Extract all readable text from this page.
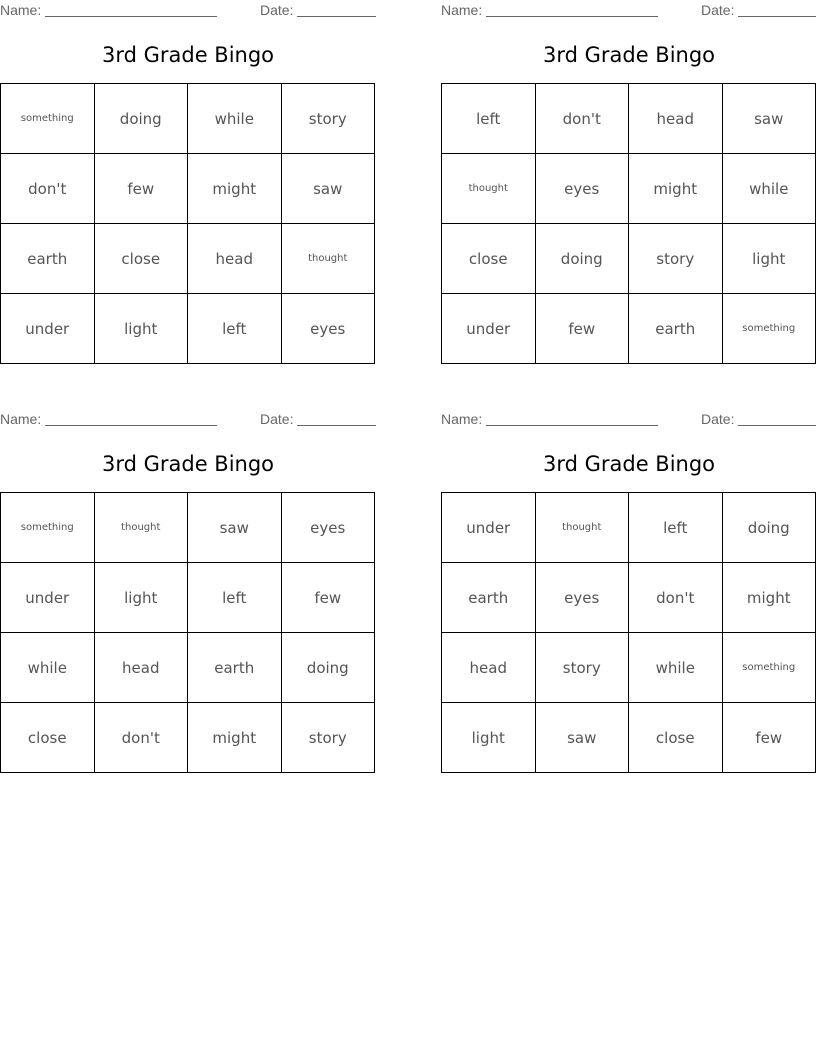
Name:	Date:
3rd Grade Bingo
something	doing	while	story
don't	few	might	saw
earth	close	head	thought
under	light	left	eyes
Name:	Date:
3rd Grade Bingo
left	don't	head	saw
thought	eyes	might	while
close	doing	story	light
under	few	earth	something
Name:	Date:
3rd Grade Bingo
something	thought	saw	eyes
under	light	left	few
while	head	earth	doing
close	don't	might	story
Name:	Date:
3rd Grade Bingo
under	thought	left	doing
earth	eyes	don't	might
head	story	while	something
light	saw	close	few
